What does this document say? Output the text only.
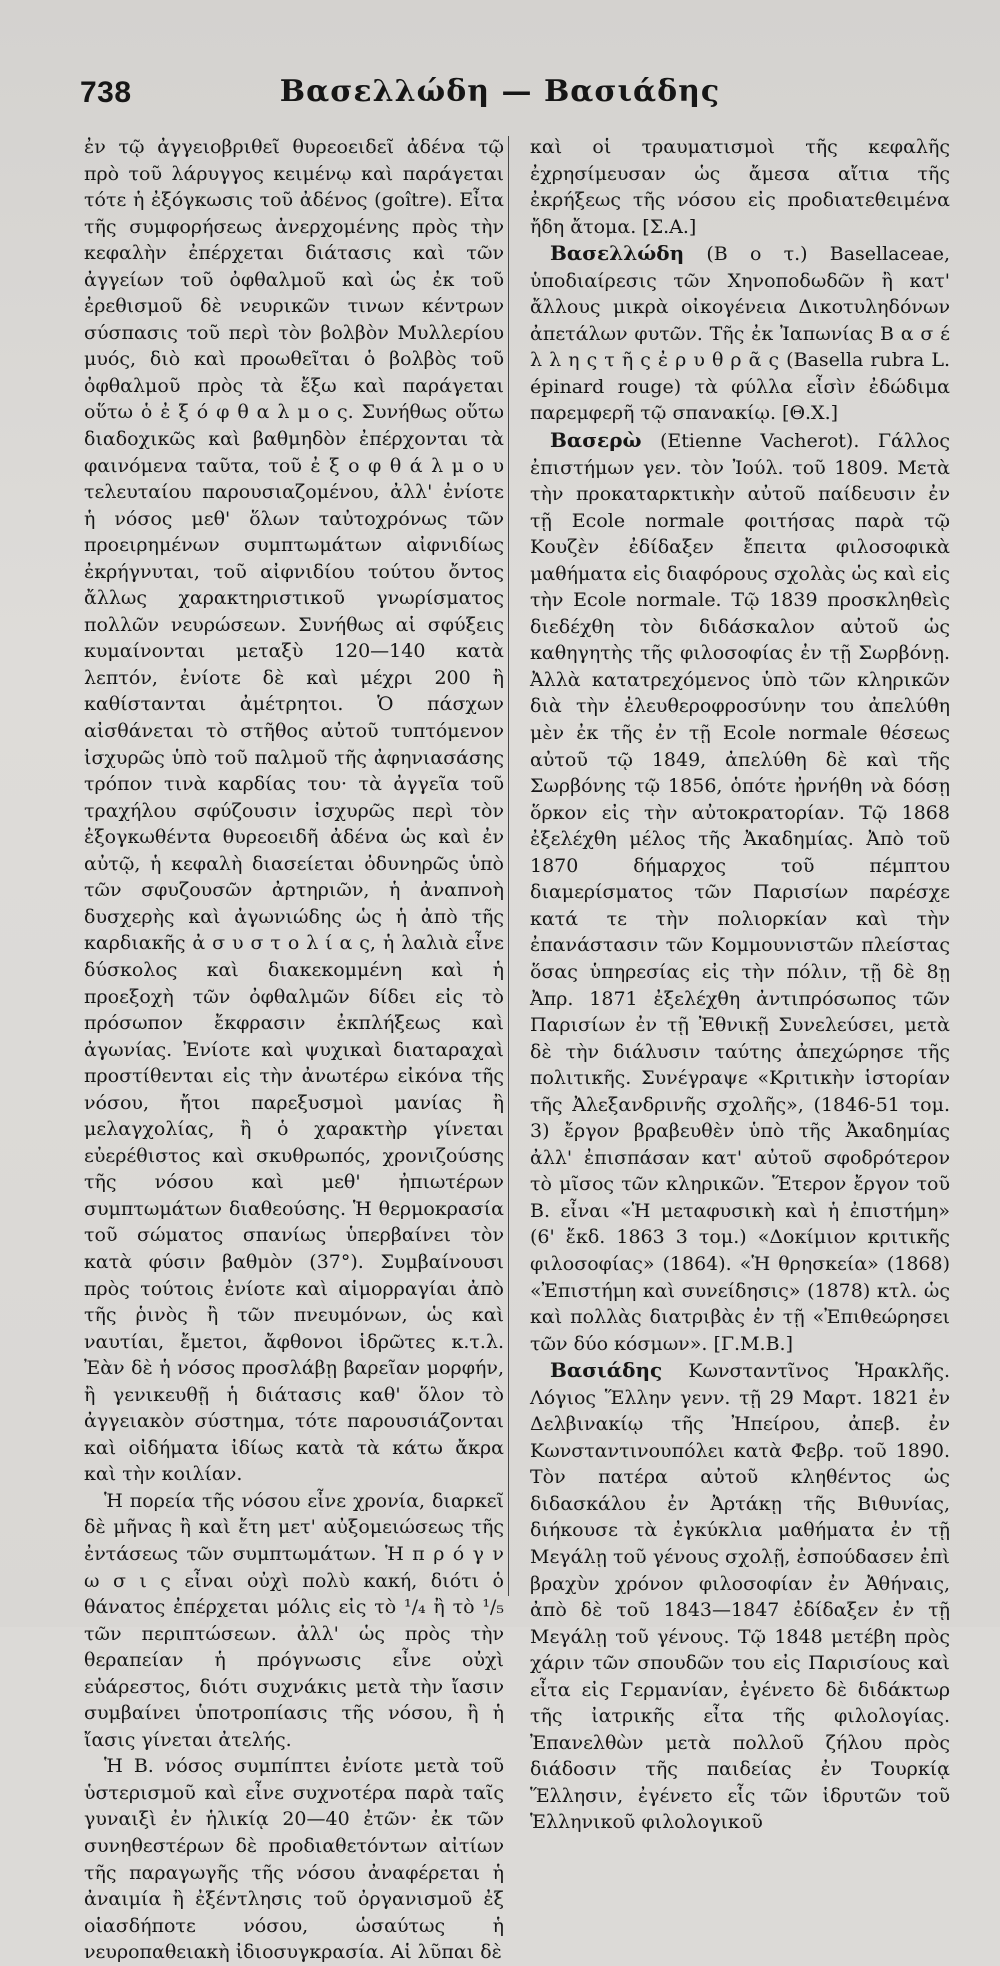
738	Βασελλώδη — Βασιάδης

ἐν τῷ ἀγγειοβριθεῖ θυρεοειδεῖ ἀδένα τῷ πρὸ τοῦ λάρυγγος κειμένῳ καὶ παράγεται τότε ἡ ἐξόγκωσις τοῦ ἀδένος (goître). Εἶτα τῆς συμφορήσεως ἀνερχομένης πρὸς τὴν κεφαλὴν ἐπέρχεται διάτασις καὶ τῶν ἀγγείων τοῦ ὀφθαλμοῦ καὶ ὡς ἐκ τοῦ ἐρεθισμοῦ δὲ νευρικῶν τινων κέντρων σύσπασις τοῦ περὶ τὸν βολβὸν Μυλλερίου μυός, διὸ καὶ προωθεῖται ὁ βολβὸς τοῦ ὀφθαλμοῦ πρὸς τὰ ἔξω καὶ παράγεται οὕτω ὁ ἐ ξ ό φ θ α λ μ ο ς. Συνήθως οὕτω διαδοχικῶς καὶ βαθμηδὸν ἐπέρχονται τὰ φαινόμενα ταῦτα, τοῦ ἐ ξ ο φ θ ά λ μ ο υ τελευταίου παρουσιαζομένου, ἀλλ' ἐνίοτε ἡ νόσος μεθ' ὅλων ταὐτοχρόνως τῶν προειρημένων συμπτωμάτων αἰφνιδίως ἐκρήγνυται, τοῦ αἰφνιδίου τούτου ὄντος ἄλλως χαρακτηριστικοῦ γνωρίσματος πολλῶν νευρώσεων. Συνήθως αἱ σφύξεις κυμαίνονται μεταξὺ 120—140 κατὰ λεπτόν, ἐνίοτε δὲ καὶ μέχρι 200 ἢ καθίστανται ἀμέτρητοι. Ὁ πάσχων αἰσθάνεται τὸ στῆθος αὐτοῦ τυπτόμενον ἰσχυρῶς ὑπὸ τοῦ παλμοῦ τῆς ἀφηνιασάσης τρόπον τινὰ καρδίας του· τὰ ἀγγεῖα τοῦ τραχήλου σφύζουσιν ἰσχυρῶς περὶ τὸν ἐξογκωθέντα θυρεοειδῆ ἀδένα ὡς καὶ ἐν αὐτῷ, ἡ κεφαλὴ διασείεται ὀδυνηρῶς ὑπὸ τῶν σφυζουσῶν ἀρτηριῶν, ἡ ἀναπνοὴ δυσχερὴς καὶ ἀγωνιώδης ὡς ἡ ἀπὸ τῆς καρδιακῆς ἀ σ υ σ τ ο λ ί α ς, ἡ λαλιὰ εἶνε δύσκολος καὶ διακεκομμένη καὶ ἡ προεξοχὴ τῶν ὀφθαλμῶν δίδει εἰς τὸ πρόσωπον ἔκφρασιν ἐκπλήξεως καὶ ἀγωνίας. Ἐνίοτε καὶ ψυχικαὶ διαταραχαὶ προστίθενται εἰς τὴν ἀνωτέρω εἰκόνα τῆς νόσου, ἤτοι παρεξυσμοὶ μανίας ἢ μελαγχολίας, ἢ ὁ χαρακτὴρ γίνεται εὐερέθιστος καὶ σκυθρωπός, χρονιζούσης τῆς νόσου καὶ μεθ' ἠπιωτέρων συμπτωμάτων διαθεούσης. Ἡ θερμοκρασία τοῦ σώματος σπανίως ὑπερβαίνει τὸν κατὰ φύσιν βαθμὸν (37°). Συμβαίνουσι πρὸς τούτοις ἐνίοτε καὶ αἱμορραγίαι ἀπὸ τῆς ῥινὸς ἢ τῶν πνευμόνων, ὡς καὶ ναυτίαι, ἔμετοι, ἄφθονοι ἱδρῶτες κ.τ.λ. Ἐὰν δὲ ἡ νόσος προσλάβῃ βαρεῖαν μορφήν, ἢ γενικευθῇ ἡ διάτασις καθ' ὅλον τὸ ἀγγειακὸν σύστημα, τότε παρουσιάζονται καὶ οἰδήματα ἰδίως κατὰ τὰ κάτω ἄκρα καὶ τὴν κοιλίαν.

Ἡ πορεία τῆς νόσου εἶνε χρονία, διαρκεῖ δὲ μῆνας ἢ καὶ ἔτη μετ' αὐξομειώσεως τῆς ἐντάσεως τῶν συμπτωμάτων. Ἡ π ρ ό γ ν ω σ ι ς εἶναι οὐχὶ πολὺ κακή, διότι ὁ θάνατος ἐπέρχεται μόλις εἰς τὸ ¹/₄ ἢ τὸ ¹/₅ τῶν περιπτώσεων. ἀλλ' ὡς πρὸς τὴν θεραπείαν ἡ πρόγνωσις εἶνε οὐχὶ εὐάρεστος, διότι συχνάκις μετὰ τὴν ἴασιν συμβαίνει ὑποτροπίασις τῆς νόσου, ἢ ἡ ἴασις γίνεται ἀτελής.

Ἡ Β. νόσος συμπίπτει ἐνίοτε μετὰ τοῦ ὑστερισμοῦ καὶ εἶνε συχνοτέρα παρὰ ταῖς γυναιξὶ ἐν ἡλικίᾳ 20—40 ἐτῶν· ἐκ τῶν συνηθεστέρων δὲ προδιαθετόντων αἰτίων τῆς παραγωγῆς τῆς νόσου ἀναφέρεται ἡ ἀναιμία ἢ ἐξέντλησις τοῦ ὀργανισμοῦ ἐξ οἱασδήποτε νόσου, ὡσαύτως ἡ νευροπαθειακὴ ἰδιοσυγκρασία. Αἱ λῦπαι δὲ

καὶ οἱ τραυματισμοὶ τῆς κεφαλῆς ἐχρησίμευσαν ὡς ἄμεσα αἴτια τῆς ἐκρήξεως τῆς νόσου εἰς προδιατεθειμένα ἤδη ἄτομα. [Σ.Α.]

Βασελλώδη (Β ο τ.) Basellaceae, ὑποδιαίρεσις τῶν Χηνοποδωδῶν ἢ κατ' ἄλλους μικρὰ οἰκογένεια Δικοτυληδόνων ἀπετάλων φυτῶν. Τῆς ἐκ Ἰαπωνίας Β α σ έ λ λ η ς τ ῆ ς ἐ ρ υ θ ρ ᾶ ς (Basella rubra L. épinard rouge) τὰ φύλλα εἶσὶν ἐδώδιμα παρεμφερῆ τῷ σπανακίῳ. [Θ.Χ.]

Βασερὼ (Etienne Vacherot). Γάλλος ἐπιστήμων γεν. τὸν Ἰούλ. τοῦ 1809. Μετὰ τὴν προκαταρκτικὴν αὐτοῦ παίδευσιν ἐν τῇ Ecole normale φοιτήσας παρὰ τῷ Κουζὲν ἐδίδαξεν ἔπειτα φιλοσοφικὰ μαθήματα εἰς διαφόρους σχολὰς ὡς καὶ εἰς τὴν Ecole normale. Τῷ 1839 προσκληθεὶς διεδέχθη τὸν διδάσκαλον αὐτοῦ ὡς καθηγητὴς τῆς φιλοσοφίας ἐν τῇ Σωρβόνῃ. Ἀλλὰ κατατρεχόμενος ὑπὸ τῶν κληρικῶν διὰ τὴν ἐλευθεροφροσύνην του ἀπελύθη μὲν ἐκ τῆς ἐν τῇ Ecole normale θέσεως αὐτοῦ τῷ 1849, ἀπελύθη δὲ καὶ τῆς Σωρβόνης τῷ 1856, ὁπότε ἠρνήθη νὰ δόσῃ ὅρκον εἰς τὴν αὐτοκρατορίαν. Τῷ 1868 ἐξελέχθη μέλος τῆς Ἀκαδημίας. Ἀπὸ τοῦ 1870 δήμαρχος τοῦ πέμπτου διαμερίσματος τῶν Παρισίων παρέσχε κατά τε τὴν πολιορκίαν καὶ τὴν ἐπανάστασιν τῶν Κομμουνιστῶν πλείστας ὅσας ὑπηρεσίας εἰς τὴν πόλιν, τῇ δὲ 8ῃ Ἀπρ. 1871 ἐξελέχθη ἀντιπρόσωπος τῶν Παρισίων ἐν τῇ Ἐθνικῇ Συνελεύσει, μετὰ δὲ τὴν διάλυσιν ταύτης ἀπεχώρησε τῆς πολιτικῆς. Συνέγραψε «Κριτικὴν ἱστορίαν τῆς Ἀλεξανδρινῆς σχολῆς», (1846-51 τομ. 3) ἔργον βραβευθὲν ὑπὸ τῆς Ἀκαδημίας ἀλλ' ἐπισπάσαν κατ' αὐτοῦ σφοδρότερον τὸ μῖσος τῶν κληρικῶν. Ἕτερον ἔργον τοῦ Β. εἶναι «Ἡ μεταφυσικὴ καὶ ἡ ἐπιστήμη» (6' ἔκδ. 1863 3 τομ.) «Δοκίμιον κριτικῆς φιλοσοφίας» (1864). «Ἡ θρησκεία» (1868) «Ἐπιστήμη καὶ συνείδησις» (1878) κτλ. ὡς καὶ πολλὰς διατριβὰς ἐν τῇ «Ἐπιθεώρησει τῶν δύο κόσμων». [Γ.Μ.Β.]

Βασιάδης Κωνσταντῖνος Ἡρακλῆς. Λόγιος Ἕλλην γενν. τῇ 29 Μαρτ. 1821 ἐν Δελβινακίῳ τῆς Ἠπείρου, ἀπεβ. ἐν Κωνσταντινουπόλει κατὰ Φεβρ. τοῦ 1890. Τὸν πατέρα αὐτοῦ κληθέντος ὡς διδασκάλου ἐν Ἀρτάκῃ τῆς Βιθυνίας, διήκουσε τὰ ἐγκύκλια μαθήματα ἐν τῇ Μεγάλῃ τοῦ γένους σχολῇ, ἐσπούδασεν ἐπὶ βραχὺν χρόνον φιλοσοφίαν ἐν Ἀθήναις, ἀπὸ δὲ τοῦ 1843—1847 ἐδίδαξεν ἐν τῇ Μεγάλῃ τοῦ γένους. Τῷ 1848 μετέβη πρὸς χάριν τῶν σπουδῶν του εἰς Παρισίους καὶ εἶτα εἰς Γερμανίαν, ἐγένετο δὲ διδάκτωρ τῆς ἰατρικῆς εἶτα τῆς φιλολογίας. Ἐπανελθὼν μετὰ πολλοῦ ζήλου πρὸς διάδοσιν τῆς παιδείας ἐν Τουρκίᾳ Ἕλλησιν, ἐγένετο εἷς τῶν ἱδρυτῶν τοῦ Ἑλληνικοῦ φιλολογικοῦ
